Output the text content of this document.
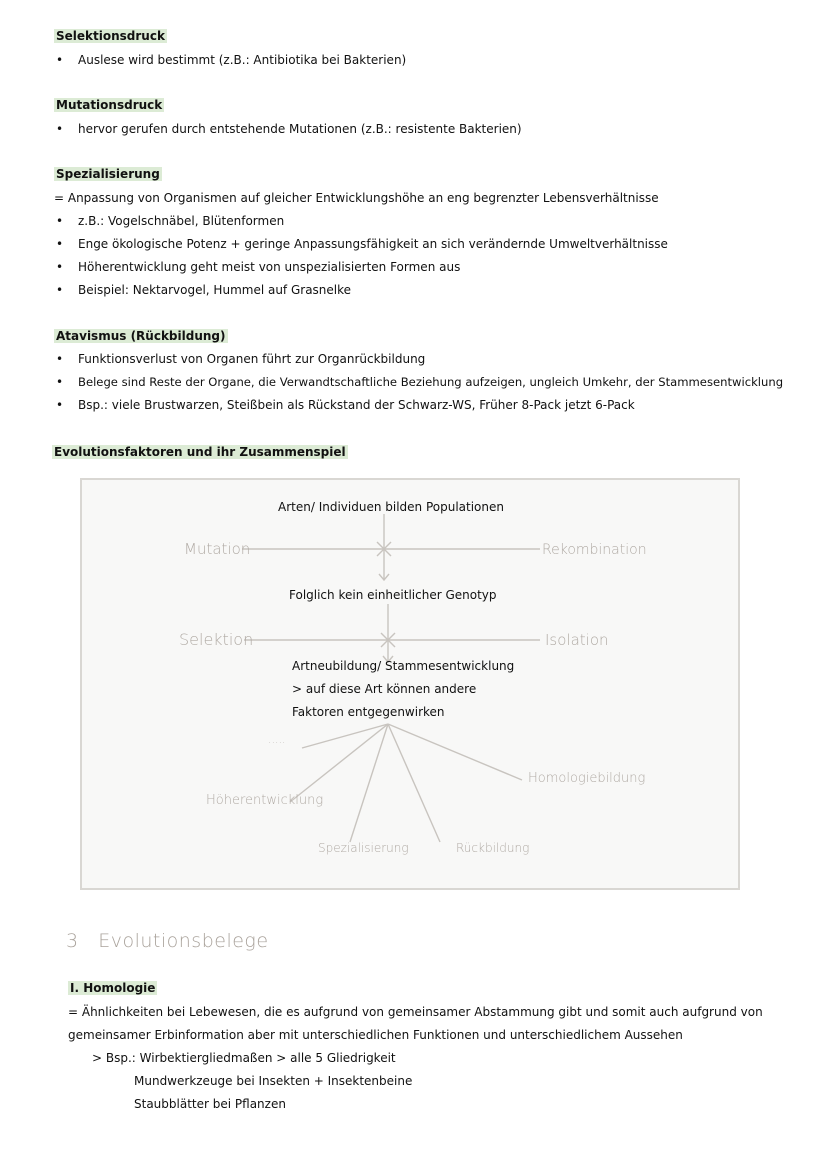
Selektionsdruck
• Auslese wird bestimmt (z.B.: Antibiotika bei Bakterien)
Mutationsdruck
• hervor gerufen durch entstehende Mutationen (z.B.: resistente Bakterien)
Spezialisierung
= Anpassung von Organismen auf gleicher Entwicklungshöhe an eng begrenzter Lebensverhältnisse
• z.B.: Vogelschnäbel, Blütenformen
• Enge ökologische Potenz + geringe Anpassungsfähigkeit an sich verändernde Umweltverhältnisse
• Höherentwicklung geht meist von unspezialisierten Formen aus
• Beispiel: Nektarvogel, Hummel auf Grasnelke
Atavismus (Rückbildung)
• Funktionsverlust von Organen führt zur Organrückbildung
• Belege sind Reste der Organe, die Verwandtschaftliche Beziehung aufzeigen, ungleich Umkehr, der Stammesentwicklung
• Bsp.: viele Brustwarzen, Steißbein als Rückstand der Schwarz-WS, Früher 8-Pack jetzt 6-Pack
Evolutionsfaktoren und ihr Zusammenspiel
Arten/ Individuen bilden Populationen
Mutation	Rekombination
Folglich kein einheitlicher Genotyp
Selektion	Isolation
Artneubildung/ Stammesentwicklung
> auf diese Art können andere
Faktoren entgegenwirken
.....
Höherentwicklung
Spezialisierung	Rückbildung
Homologiebildung
3 Evolutionsbelege
I. Homologie
= Ähnlichkeiten bei Lebewesen, die es aufgrund von gemeinsamer Abstammung gibt und somit auch aufgrund von
gemeinsamer Erbinformation aber mit unterschiedlichen Funktionen und unterschiedlichem Aussehen
> Bsp.: Wirbektiergliedmaßen > alle 5 Gliedrigkeit
Mundwerkzeuge bei Insekten + Insektenbeine
Staubblätter bei Pflanzen
